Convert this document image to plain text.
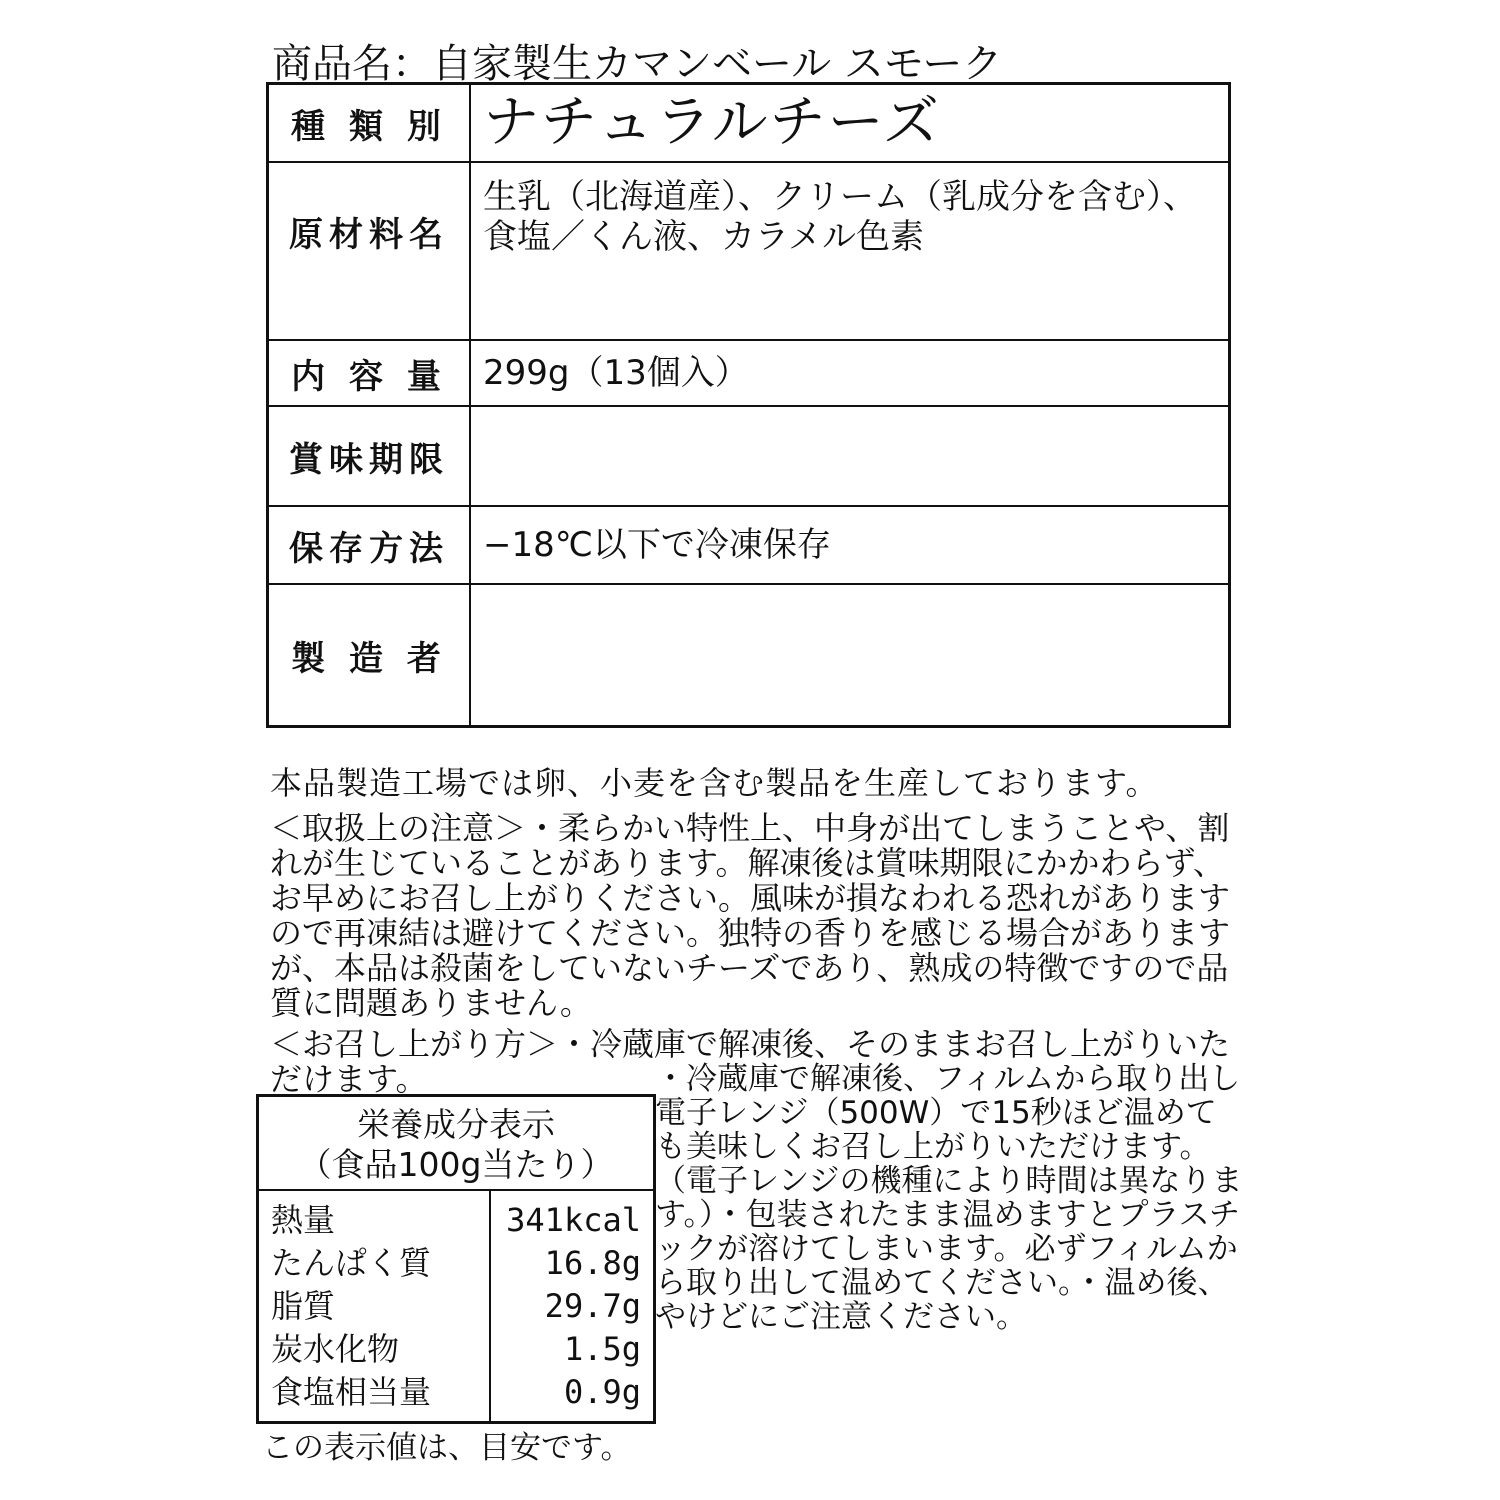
商品名：自家製生カマンベール スモーク
種 類 別 ナチュラルチーズ
原材料名
生乳（北海道産）、クリーム（乳成分を含む）、
食塩／くん液、カラメル色素
内 容 量	299g（13個入）
賞味期限
保存方法	−18℃以下で冷凍保存
製 造 者

本品製造工場では卵、小麦を含む製品を生産しております。

＜取扱上の注意＞・柔らかい特性上、中身が出てしまうことや、割れが生じていることがあります。解凍後は賞味期限にかかわらず、お早めにお召し上がりください。風味が損なわれる恐れがありますので再凍結は避けてください。独特の香りを感じる場合がありますが、本品は殺菌をしていないチーズであり、熟成の特徴ですので品質に問題ありません。

＜お召し上がり方＞・冷蔵庫で解凍後、そのままお召し上がりいただけます。

栄養成分表示
（食品100g当たり）
熱量
たんぱく質
脂質
炭水化物
食塩相当量
341kcal
16.8g
29.7g
1.5g
0.9g
・冷蔵庫で解凍後、フィルムから取り出し電子レンジ（500W）で15秒ほど温めても美味しくお召し上がりいただけます。（電子レンジの機種により時間は異なります。）・包装されたまま温めますとプラスチックが溶けてしまいます。必ずフィルムから取り出して温めてください。・温め後、やけどにご注意ください。
この表示値は、目安です。
